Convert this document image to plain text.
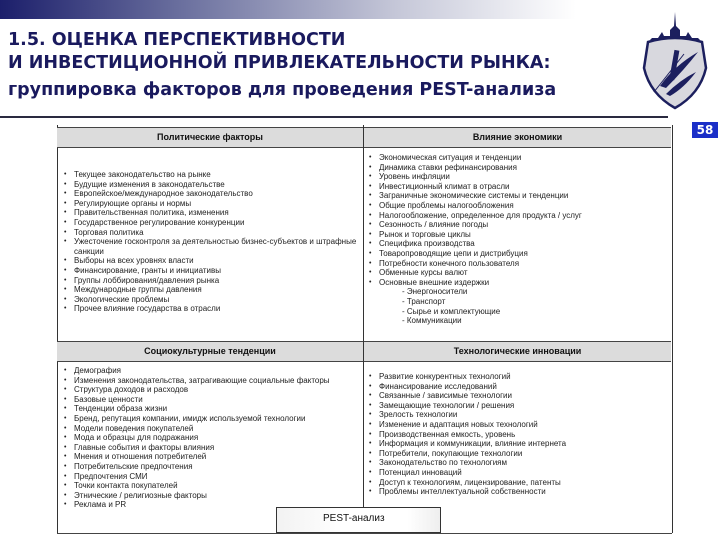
1.5. ОЦЕНКА ПЕРСПЕКТИВНОСТИ
И ИНВЕСТИЦИОННОЙ ПРИВЛЕКАТЕЛЬНОСТИ РЫНКА:
группировка факторов для проведения PEST-анализа
58
Политические факторы	Влияние экономики
Социокультурные тенденции	Технологические инновации
• Текущее законодательство на рынке
• Будущие изменения в законодательстве
• Европейское/международное законодательство
• Регулирующие органы и нормы
• Правительственная политика, изменения
• Государственное регулирование конкуренции
• Торговая политика
• Ужесточение госконтроля за деятельностью бизнес-субъектов и штрафные санкции
• Выборы на всех уровнях власти
• Финансирование, гранты и инициативы
• Группы лоббирования/давления рынка
• Международные группы давления
• Экологические проблемы
• Прочее влияние государства в отрасли
• Экономическая ситуация и тенденции
• Динамика ставки рефинансирования
• Уровень инфляции
• Инвестиционный климат в отрасли
• Заграничные экономические системы и тенденции
• Общие проблемы налогообложения
• Налогообложение, определенное для продукта / услуг
• Сезонность / влияние погоды
• Рынок и торговые циклы
• Специфика производства
• Товаропроводящие цепи и дистрибуция
• Потребности конечного пользователя
• Обменные курсы валют
• Основные внешние издержки
- Энергоносители
- Транспорт
- Сырье и комплектующие
- Коммуникации
• Демография
• Изменения законодательства, затрагивающие социальные факторы
• Структура доходов и расходов
• Базовые ценности
• Тенденции образа жизни
• Бренд, репутация компании, имидж используемой технологии
• Модели поведения покупателей
• Мода и образцы для подражания
• Главные события и факторы влияния
• Мнения и отношения потребителей
• Потребительские предпочтения
• Предпочтения СМИ
• Точки контакта покупателей
• Этнические / религиозные факторы
• Реклама и PR
• Развитие конкурентных технологий
• Финансирование исследований
• Связанные / зависимые технологии
• Замещающие технологии / решения
• Зрелость технологии
• Изменение и адаптация новых технологий
• Производственная емкость, уровень
• Информация и коммуникации, влияние интернета
• Потребители, покупающие технологии
• Законодательство по технологиям
• Потенциал инноваций
• Доступ к технологиям, лицензирование, патенты
• Проблемы интеллектуальной собственности
PEST-анализ
